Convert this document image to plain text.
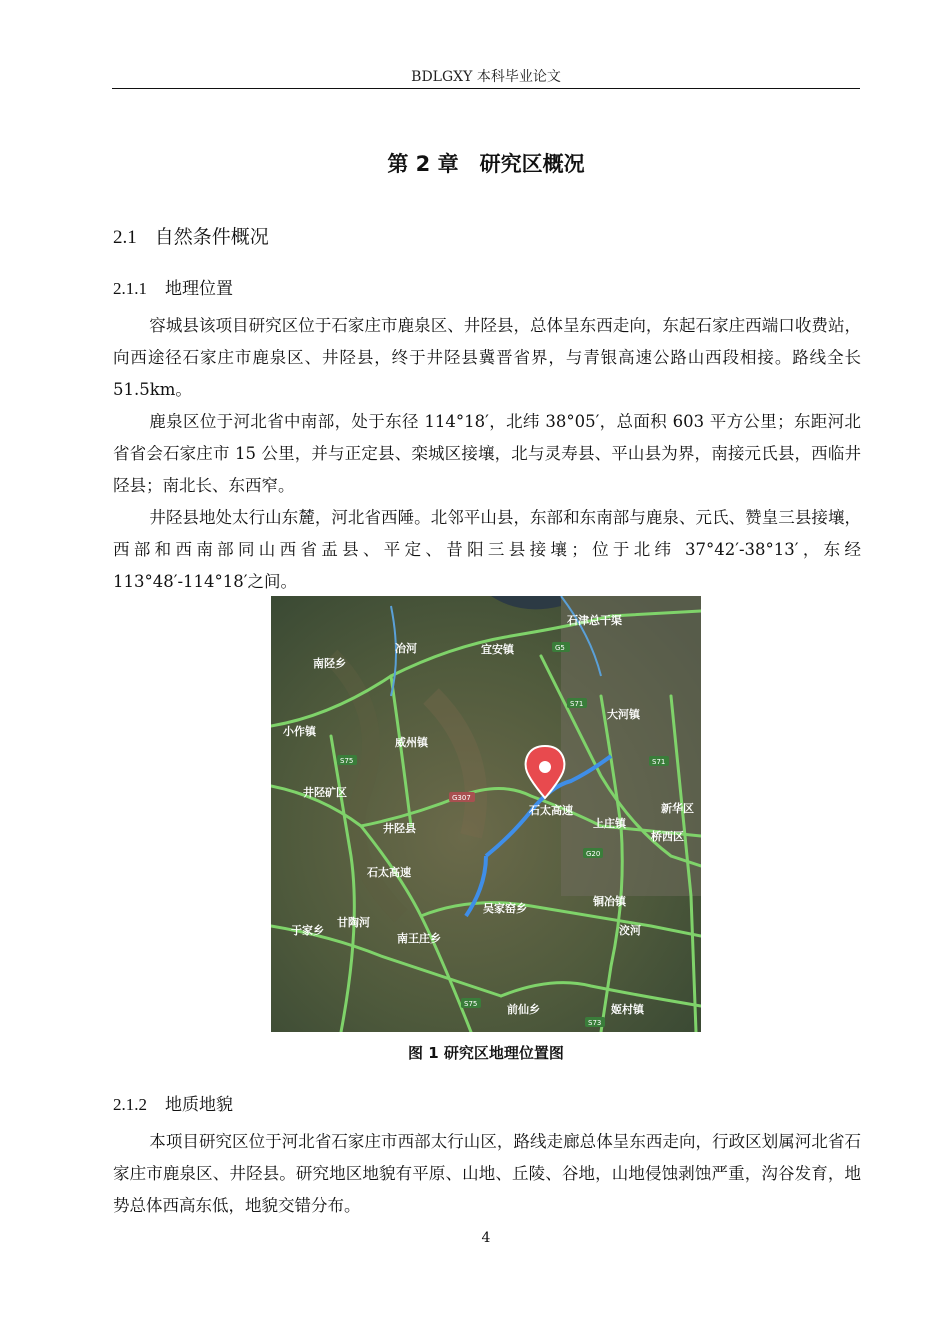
BDLGXY 本科毕业论文
第 2 章　研究区概况
2.1 自然条件概况
2.1.1 地理位置
容城县该项目研究区位于石家庄市鹿泉区、井陉县，总体呈东西走向，东起石家庄西端口收费站，向西途径石家庄市鹿泉区、井陉县，终于井陉县冀晋省界，与青银高速公路山西段相接。路线全长 51.5km。
鹿泉区位于河北省中南部，处于东径 114°18′，北纬 38°05′，总面积 603 平方公里；东距河北省省会石家庄市 15 公里，并与正定县、栾城区接壤，北与灵寿县、平山县为界，南接元氏县，西临井陉县；南北长、东西窄。
井陉县地处太行山东麓，河北省西陲。北邻平山县，东部和东南部与鹿泉、元氏、赞皇三县接壤，西部和西南部同山西省盂县、平定、昔阳三县接壤；位于北纬 37°42′-38°13′，东经 113°48′-114°18′之间。
南陉乡
宜安镇
大河镇
小作镇
威州镇
井陉矿区
石太高速	新华区
上庄镇
桥西区
井陉县
石太高速
吴家窑乡
铜冶镇
于家乡
甘陶河
南王庄乡
前仙乡	姬村镇
冶河
洨河
石津总干渠
G5
S71
S71
S75
G307
G20
S75
S73
图 1 研究区地理位置图
2.1.2 地质地貌
本项目研究区位于河北省石家庄市西部太行山区，路线走廊总体呈东西走向，行政区划属河北省石家庄市鹿泉区、井陉县。研究地区地貌有平原、山地、丘陵、谷地，山地侵蚀剥蚀严重，沟谷发育，地势总体西高东低，地貌交错分布。
4
